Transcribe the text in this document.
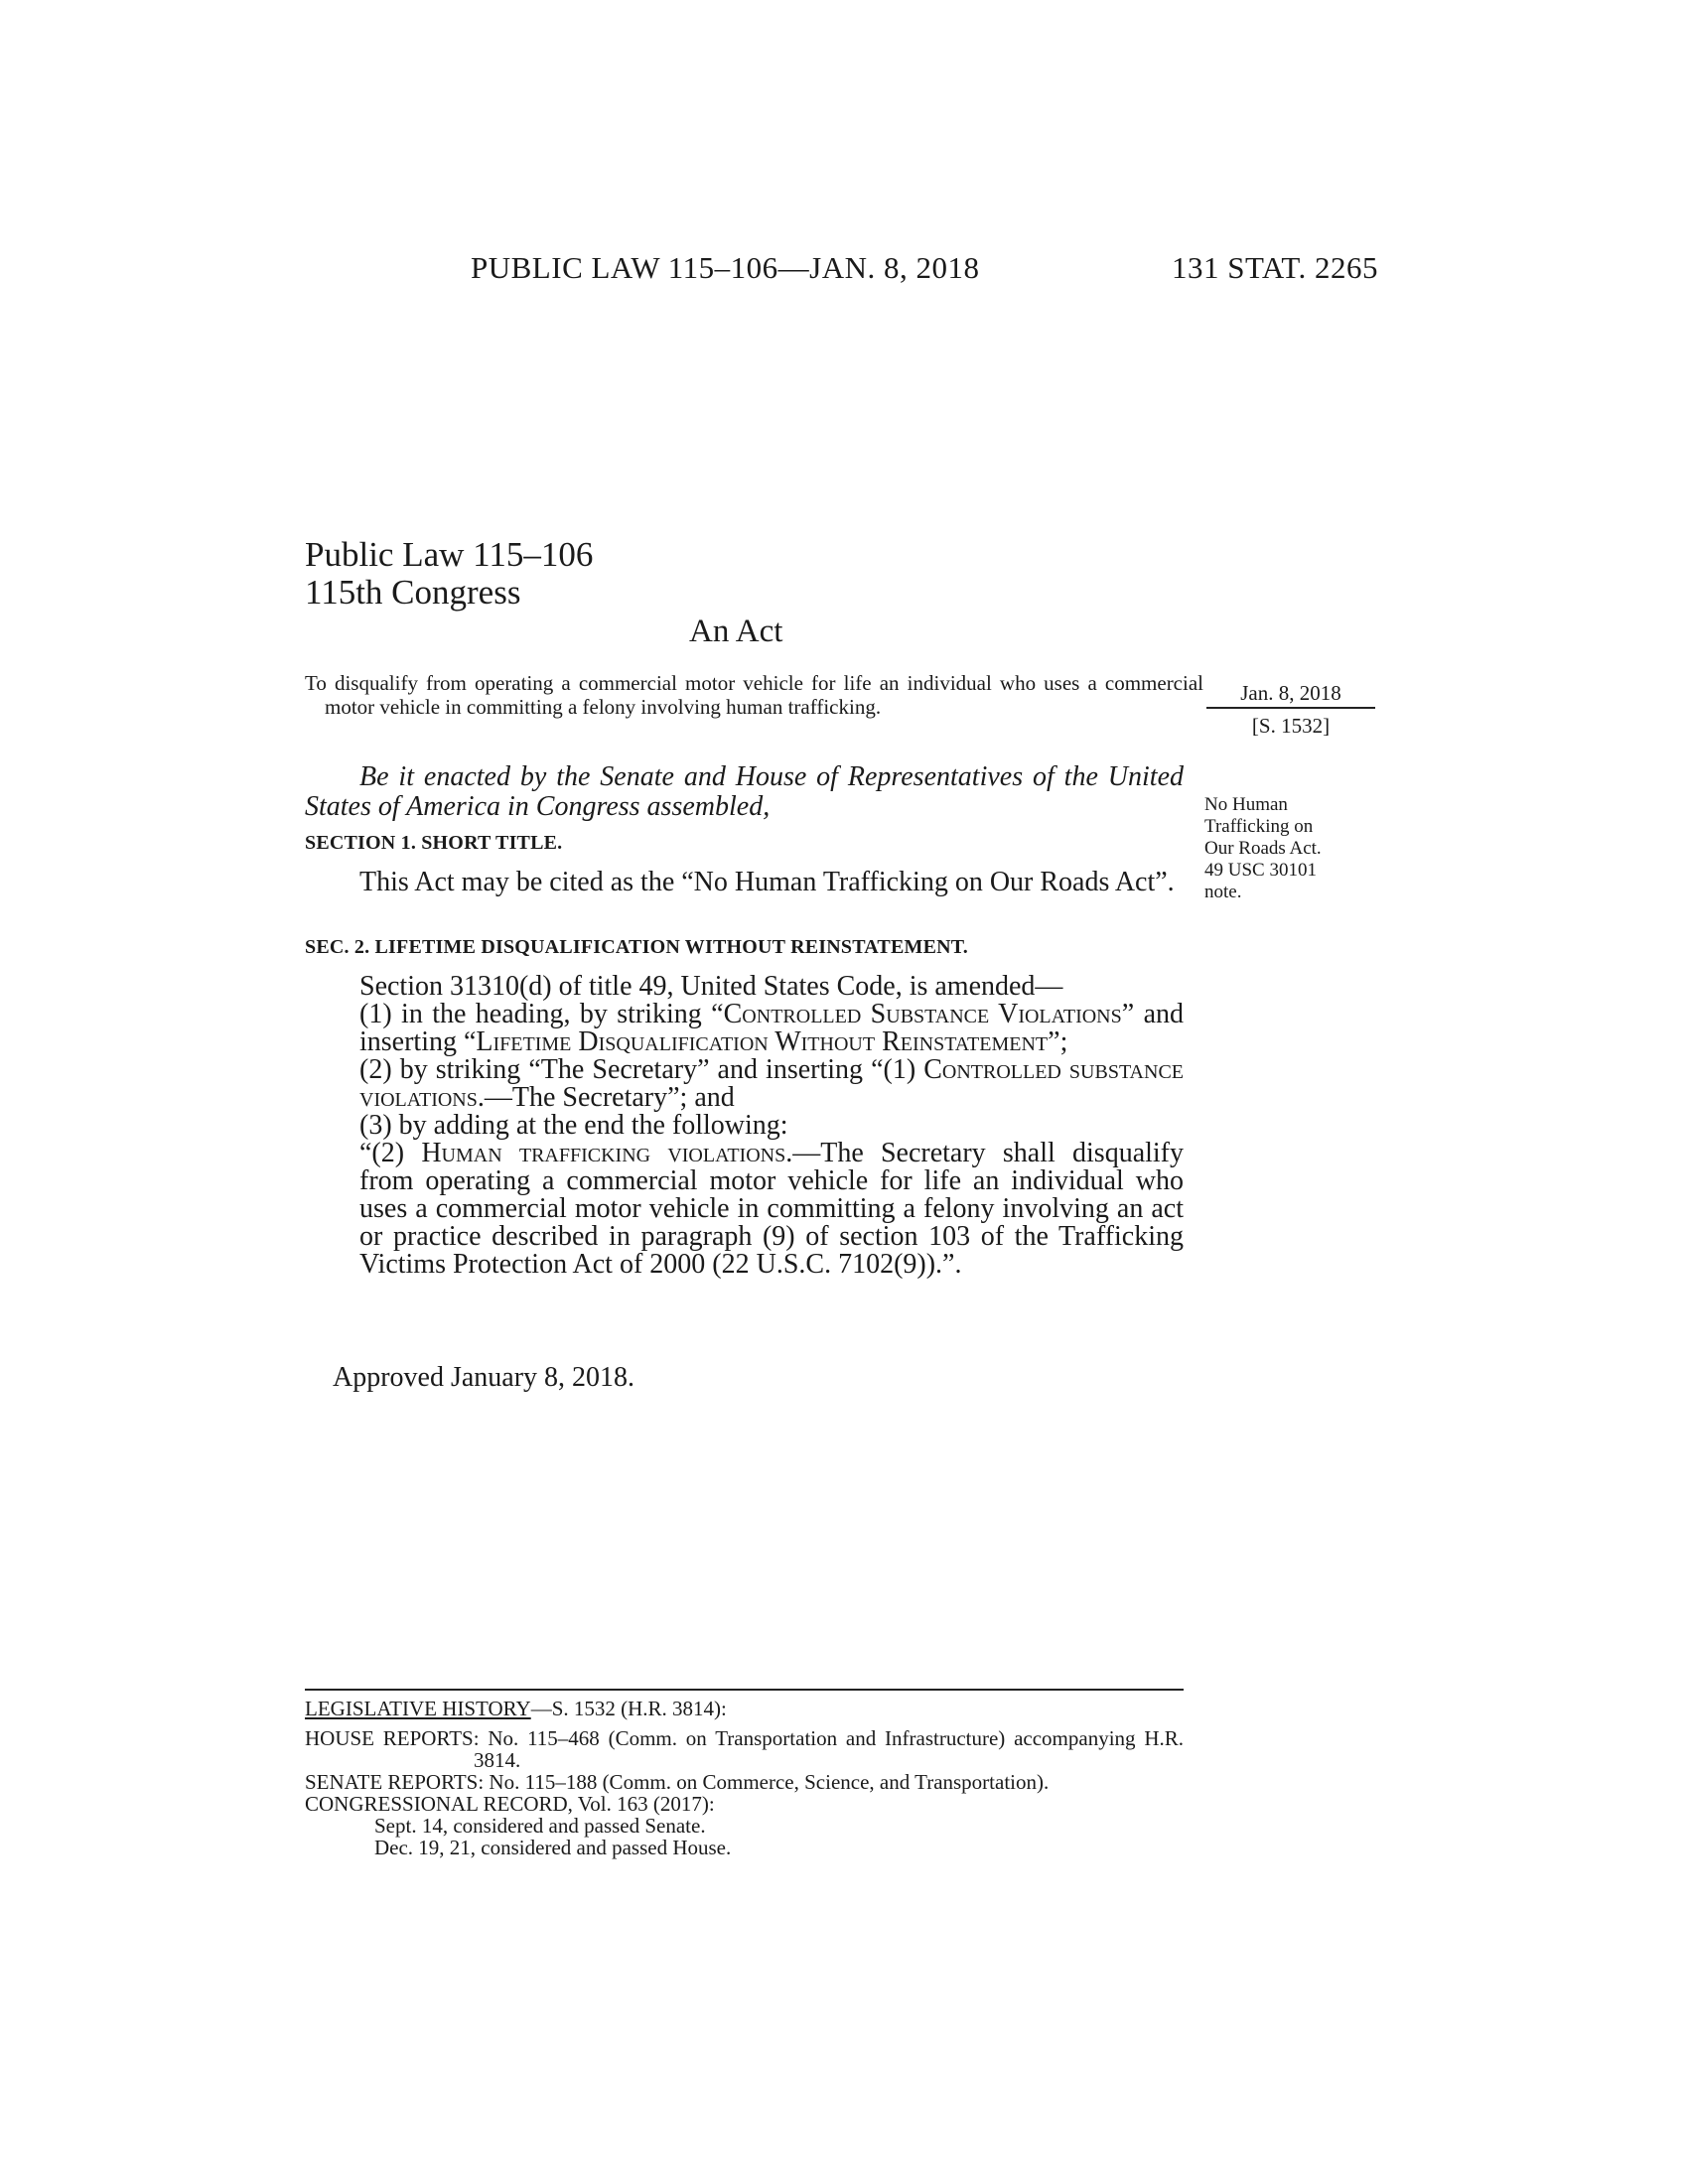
PUBLIC LAW 115–106—JAN. 8, 2018	131 STAT. 2265
Public Law 115–106
115th Congress
An Act
To disqualify from operating a commercial motor vehicle for life an individual who uses a commercial motor vehicle in committing a felony involving human trafficking.
Jan. 8, 2018
[S. 1532]
Be it enacted by the Senate and House of Representatives of the United States of America in Congress assembled,
SECTION 1. SHORT TITLE.
This Act may be cited as the “No Human Trafficking on Our Roads Act”.
No Human
Trafficking on
Our Roads Act.
49 USC 30101
note.
SEC. 2. LIFETIME DISQUALIFICATION WITHOUT REINSTATEMENT.
Section 31310(d) of title 49, United States Code, is amended—
(1) in the heading, by striking “Controlled Substance Violations” and inserting “Lifetime Disqualification Without Reinstatement”;
(2) by striking “The Secretary” and inserting “(1) Controlled substance violations.—The Secretary”; and
(3) by adding at the end the following:
“(2) Human trafficking violations.—The Secretary shall disqualify from operating a commercial motor vehicle for life an individual who uses a commercial motor vehicle in committing a felony involving an act or practice described in paragraph (9) of section 103 of the Trafficking Victims Protection Act of 2000 (22 U.S.C. 7102(9)).”.
Approved January 8, 2018.
LEGISLATIVE HISTORY—S. 1532 (H.R. 3814):
HOUSE REPORTS: No. 115–468 (Comm. on Transportation and Infrastructure) accompanying H.R. 3814.
SENATE REPORTS: No. 115–188 (Comm. on Commerce, Science, and Transportation).
CONGRESSIONAL RECORD, Vol. 163 (2017):
Sept. 14, considered and passed Senate.
Dec. 19, 21, considered and passed House.
